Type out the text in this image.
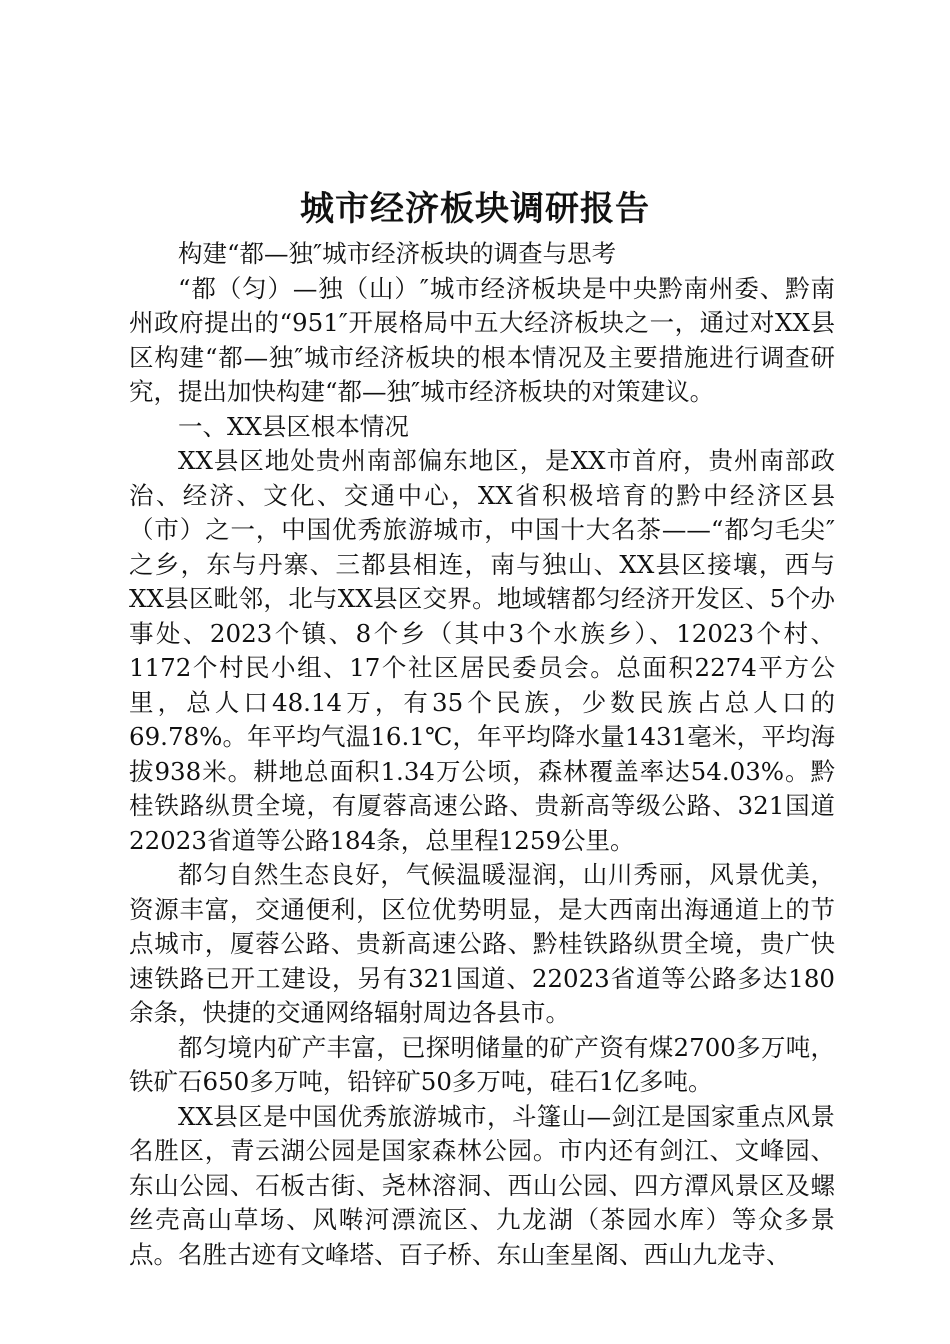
城市经济板块调研报告

构建“都—独″城市经济板块的调查与思考

“都（匀）—独（山）″城市经济板块是中央黔南州委、黔南州政府提出的“951″开展格局中五大经济板块之一，通过对XX县区构建“都—独″城市经济板块的根本情况及主要措施进行调查研究，提出加快构建“都—独″城市经济板块的对策建议。

一、XX县区根本情况

XX县区地处贵州南部偏东地区，是XX市首府，贵州南部政治、经济、文化、交通中心，XX省积极培育的黔中经济区县（市）之一，中国优秀旅游城市，中国十大名茶——“都匀毛尖″之乡，东与丹寨、三都县相连，南与独山、XX县区接壤，西与XX县区毗邻，北与XX县区交界。地域辖都匀经济开发区、5个办事处、2023个镇、8个乡（其中3个水族乡）、12023个村、1172个村民小组、17个社区居民委员会。总面积2274平方公里，总人口48.14万，有35个民族，少数民族占总人口的69.78%。年平均气温16.1℃，年平均降水量1431毫米，平均海拔938米。耕地总面积1.34万公顷，森林覆盖率达54.03%。黔桂铁路纵贯全境，有厦蓉高速公路、贵新高等级公路、321国道22023省道等公路184条，总里程1259公里。

都匀自然生态良好，气候温暖湿润，山川秀丽，风景优美，资源丰富，交通便利，区位优势明显，是大西南出海通道上的节点城市，厦蓉公路、贵新高速公路、黔桂铁路纵贯全境，贵广快速铁路已开工建设，另有321国道、22023省道等公路多达180余条，快捷的交通网络辐射周边各县市。

都匀境内矿产丰富，已探明储量的矿产资有煤2700多万吨，铁矿石650多万吨，铅锌矿50多万吨，硅石1亿多吨。

XX县区是中国优秀旅游城市，斗篷山—剑江是国家重点风景名胜区，青云湖公园是国家森林公园。市内还有剑江、文峰园、东山公园、石板古街、尧林溶洞、西山公园、四方潭风景区及螺丝壳高山草场、风啭河漂流区、九龙湖（茶园水库）等众多景点。名胜古迹有文峰塔、百子桥、东山奎星阁、西山九龙寺、
